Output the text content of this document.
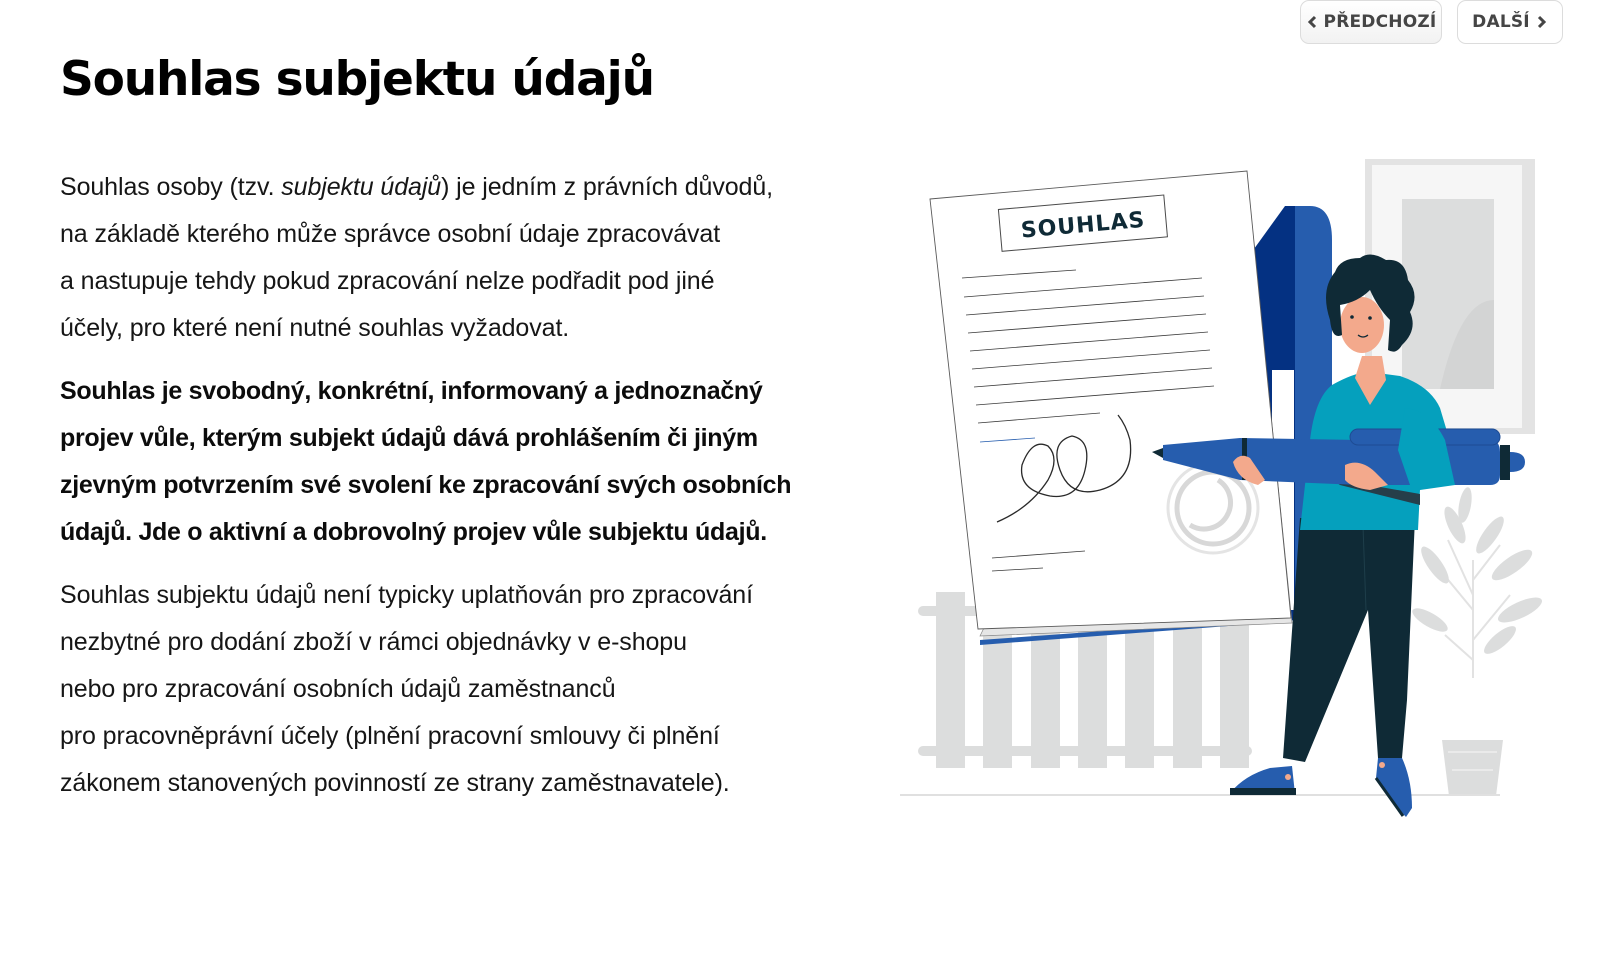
Souhlas subjektu údajů

Souhlas osoby (tzv. subjektu údajů) je jedním z právních důvodů,
na základě kterého může správce osobní údaje zpracovávat
a nastupuje tehdy pokud zpracování nelze podřadit pod jiné
účely, pro které není nutné souhlas vyžadovat.

Souhlas je svobodný, konkrétní, informovaný a jednoznačný
projev vůle, kterým subjekt údajů dává prohlášením či jiným
zjevným potvrzením své svolení ke zpracování svých osobních
údajů. Jde o aktivní a dobrovolný projev vůle subjektu údajů.

Souhlas subjektu údajů není typicky uplatňován pro zpracování
nezbytné pro dodání zboží v rámci objednávky v e-shopu
nebo pro zpracování osobních údajů zaměstnanců
pro pracovněprávní účely (plnění pracovní smlouvy či plnění
zákonem stanovených povinností ze strany zaměstnavatele).

SOUHLAS
PŘEDCHOZÍ DALŠÍ
